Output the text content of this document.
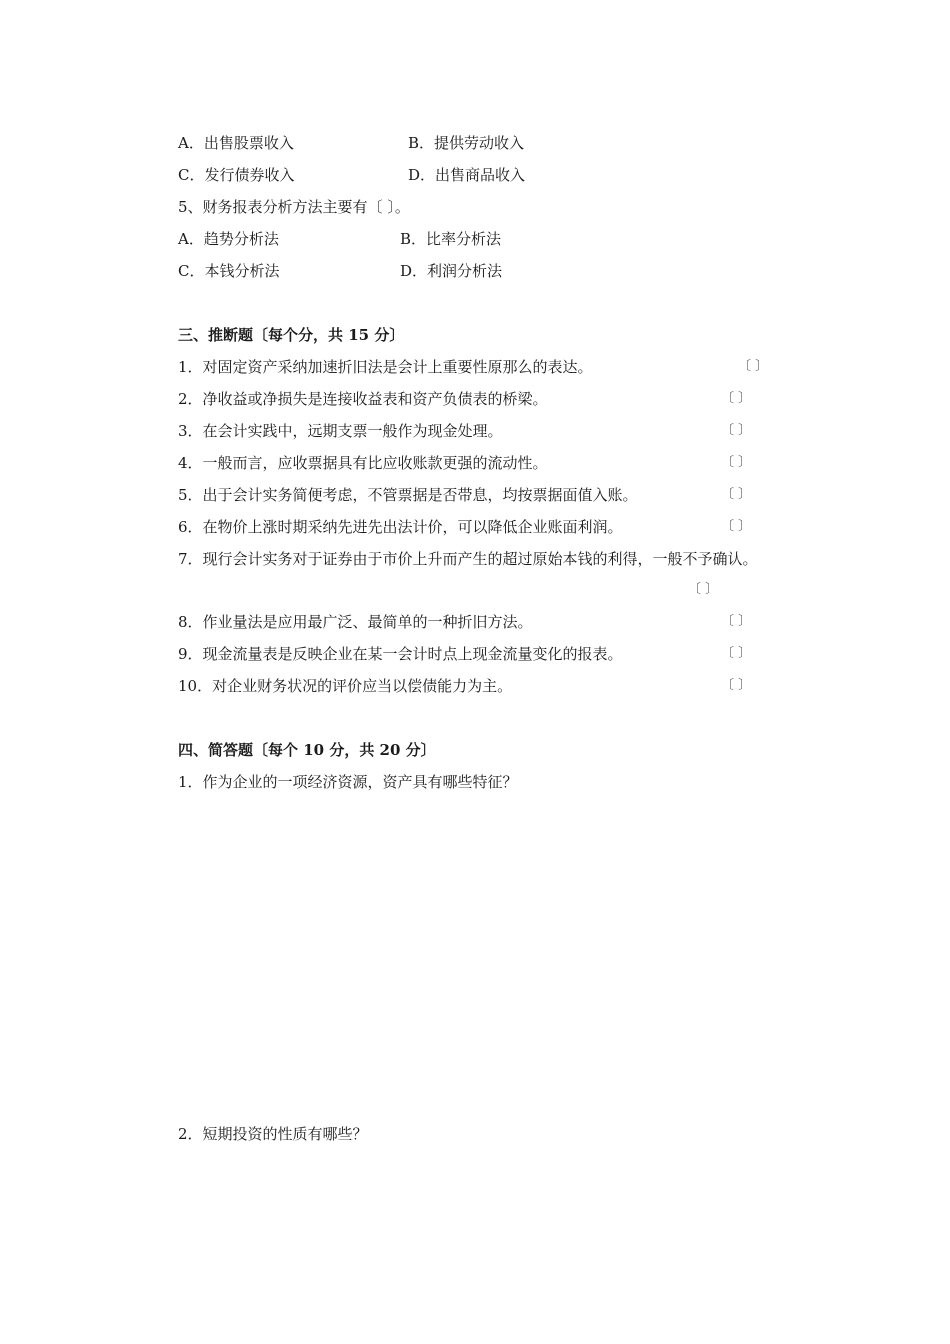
A．出售股票收入	B．提供劳动收入
C．发行债券收入	D．出售商品收入
5、财务报表分析方法主要有〔 〕。
A．趋势分析法	B．比率分析法
C．本钱分析法	D．利润分析法
三、推断题〔每个分，共 15 分〕
1．对固定资产采纳加速折旧法是会计上重要性原那么的表达。	〔 〕
2．净收益或净损失是连接收益表和资产负债表的桥梁。	〔 〕
3．在会计实践中，远期支票一般作为现金处理。	〔 〕
4．一般而言，应收票据具有比应收账款更强的流动性。	〔 〕
5．出于会计实务简便考虑，不管票据是否带息，均按票据面值入账。	〔 〕
6．在物价上涨时期采纳先进先出法计价，可以降低企业账面利润。	〔 〕
7．现行会计实务对于证券由于市价上升而产生的超过原始本钱的利得，一般不予确认。
〔 〕
8．作业量法是应用最广泛、最简单的一种折旧方法。	〔 〕
9．现金流量表是反映企业在某一会计时点上现金流量变化的报表。	〔 〕
10．对企业财务状况的评价应当以偿债能力为主。	〔 〕
四、简答题〔每个 10 分，共 20 分〕
1．作为企业的一项经济资源，资产具有哪些特征？
2．短期投资的性质有哪些？
